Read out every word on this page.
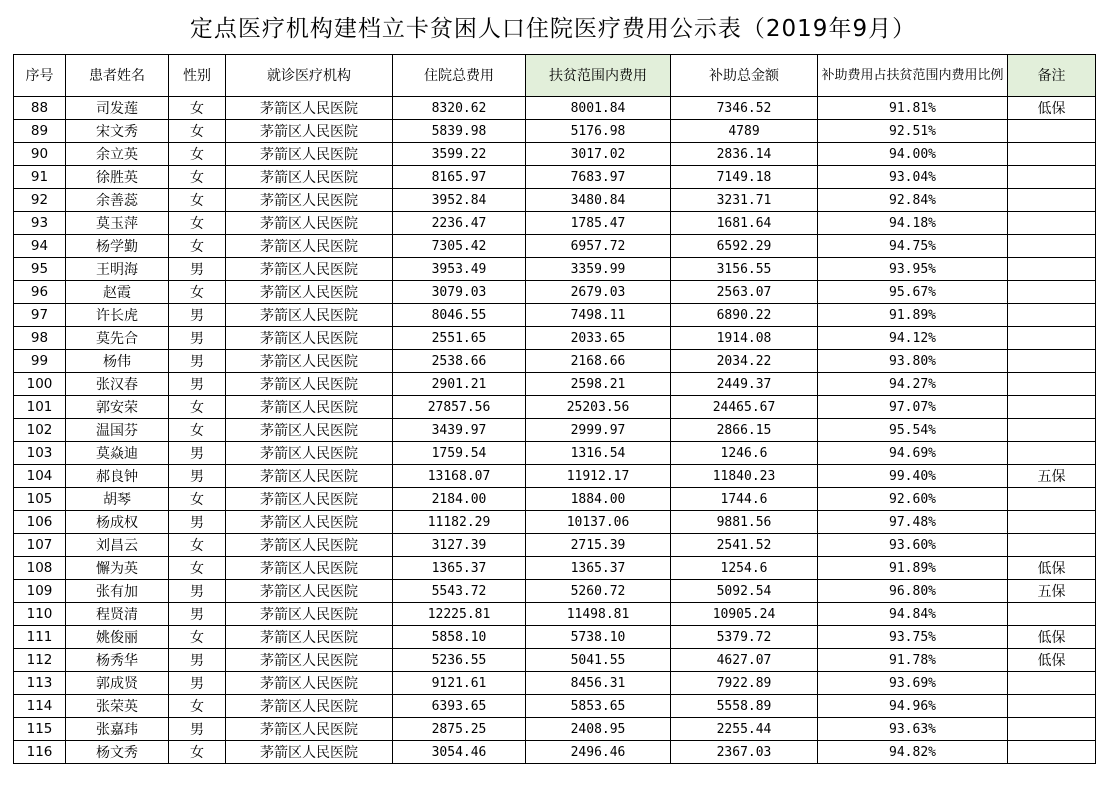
定点医疗机构建档立卡贫困人口住院医疗费用公示表（2019年9月）
序号	患者姓名	性别	就诊医疗机构	住院总费用	扶贫范围内费用	补助总金额	补助费用占扶贫范围内费用比例	备注
88	司发莲	女	茅箭区人民医院	8320.62	8001.84	7346.52	91.81%	低保
89	宋文秀	女	茅箭区人民医院	5839.98	5176.98	4789	92.51%	
90	余立英	女	茅箭区人民医院	3599.22	3017.02	2836.14	94.00%	
91	徐胜英	女	茅箭区人民医院	8165.97	7683.97	7149.18	93.04%	
92	余善蕊	女	茅箭区人民医院	3952.84	3480.84	3231.71	92.84%	
93	莫玉萍	女	茅箭区人民医院	2236.47	1785.47	1681.64	94.18%	
94	杨学勤	女	茅箭区人民医院	7305.42	6957.72	6592.29	94.75%	
95	王明海	男	茅箭区人民医院	3953.49	3359.99	3156.55	93.95%	
96	赵霞	女	茅箭区人民医院	3079.03	2679.03	2563.07	95.67%	
97	许长虎	男	茅箭区人民医院	8046.55	7498.11	6890.22	91.89%	
98	莫先合	男	茅箭区人民医院	2551.65	2033.65	1914.08	94.12%	
99	杨伟	男	茅箭区人民医院	2538.66	2168.66	2034.22	93.80%	
100	张汉春	男	茅箭区人民医院	2901.21	2598.21	2449.37	94.27%	
101	郭安荣	女	茅箭区人民医院	27857.56	25203.56	24465.67	97.07%	
102	温国芬	女	茅箭区人民医院	3439.97	2999.97	2866.15	95.54%	
103	莫焱迪	男	茅箭区人民医院	1759.54	1316.54	1246.6	94.69%	
104	郝良钟	男	茅箭区人民医院	13168.07	11912.17	11840.23	99.40%	五保
105	胡琴	女	茅箭区人民医院	2184.00	1884.00	1744.6	92.60%	
106	杨成权	男	茅箭区人民医院	11182.29	10137.06	9881.56	97.48%	
107	刘昌云	女	茅箭区人民医院	3127.39	2715.39	2541.52	93.60%	
108	懈为英	女	茅箭区人民医院	1365.37	1365.37	1254.6	91.89%	低保
109	张有加	男	茅箭区人民医院	5543.72	5260.72	5092.54	96.80%	五保
110	程贤清	男	茅箭区人民医院	12225.81	11498.81	10905.24	94.84%	
111	姚俊丽	女	茅箭区人民医院	5858.10	5738.10	5379.72	93.75%	低保
112	杨秀华	男	茅箭区人民医院	5236.55	5041.55	4627.07	91.78%	低保
113	郭成贤	男	茅箭区人民医院	9121.61	8456.31	7922.89	93.69%	
114	张荣英	女	茅箭区人民医院	6393.65	5853.65	5558.89	94.96%	
115	张嘉玮	男	茅箭区人民医院	2875.25	2408.95	2255.44	93.63%	
116	杨文秀	女	茅箭区人民医院	3054.46	2496.46	2367.03	94.82%	
